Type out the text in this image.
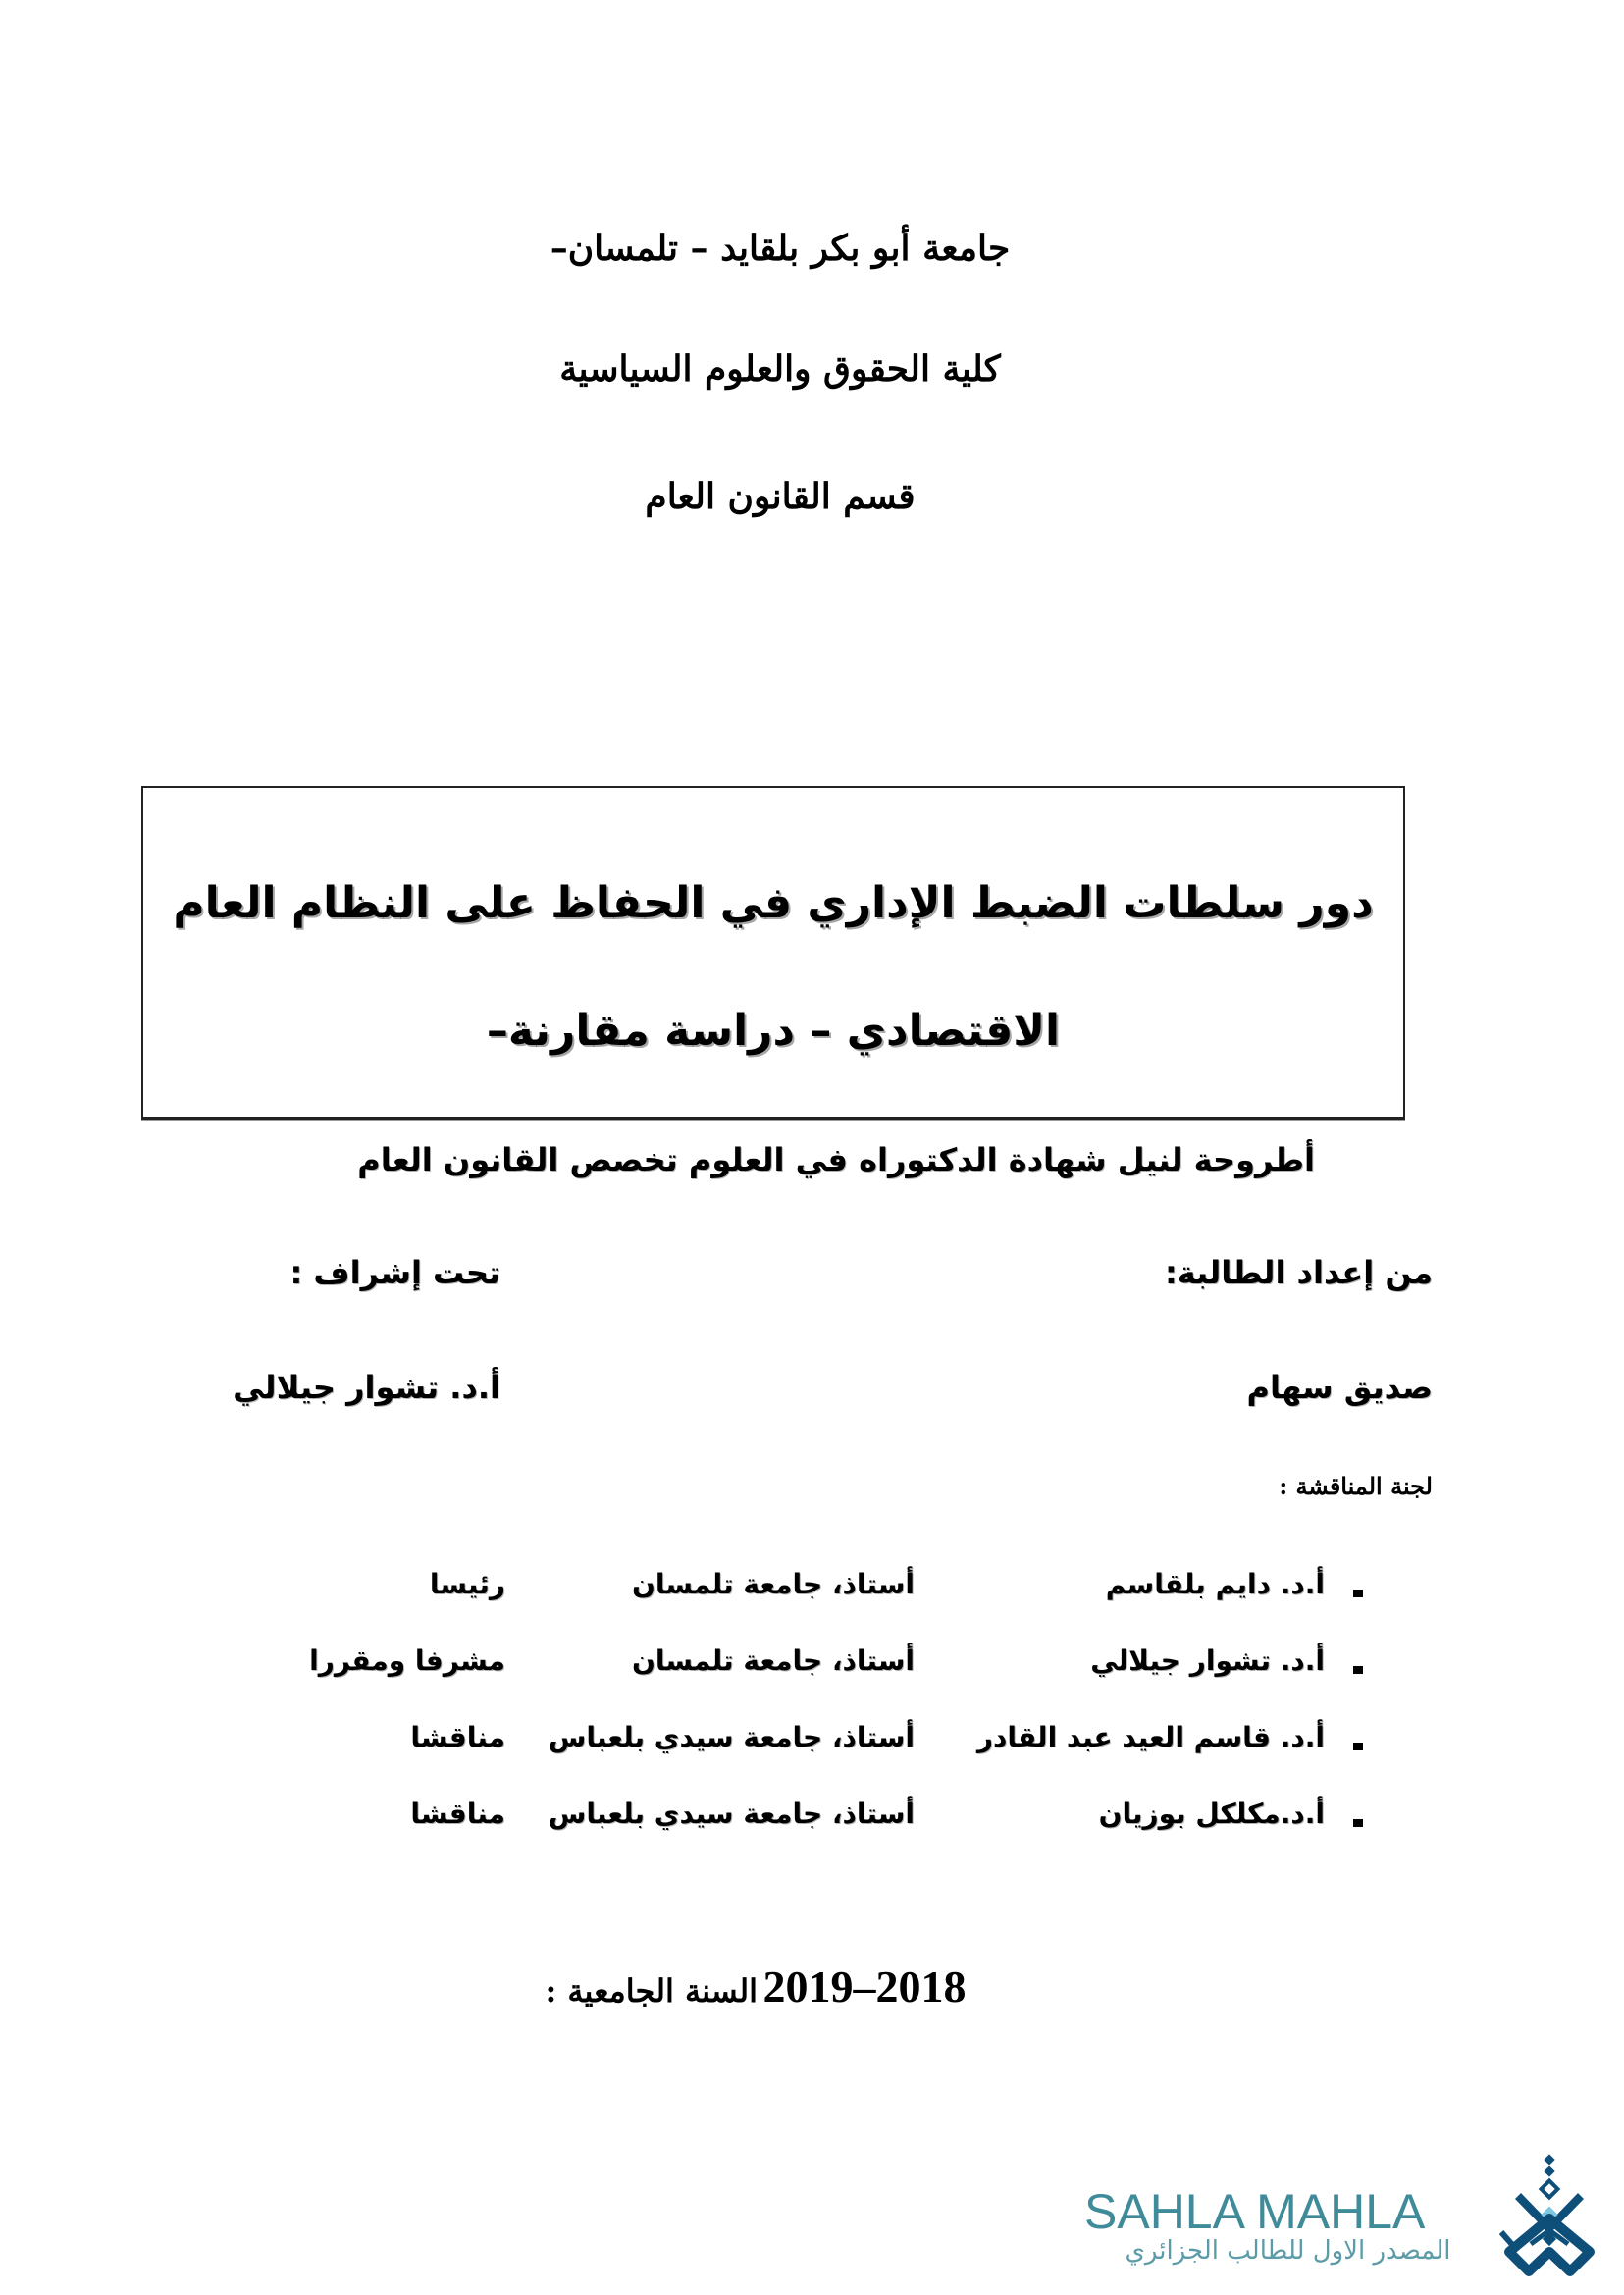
جامعة أبو بكر بلقايد – تلمسان–
كلية الحقوق والعلوم السياسية
قسم القانون العام
دور سلطات الضبط الإداري في الحفاظ على النظام العام
الاقتصادي – دراسة مقارنة–
أطروحة لنيل شهادة الدكتوراه في العلوم تخصص القانون العام
من إعداد الطالبة:
تحت إشراف :
صديق سهام
أ.د. تشوار جيلالي
لجنة المناقشة :
أ.د. دايم بلقاسم
أستاذ، جامعة تلمسان
رئيسا
أ.د. تشوار جيلالي
أستاذ، جامعة تلمسان
مشرفا ومقررا
أ.د. قاسم العيد عبد القادر
أستاذ، جامعة سيدي بلعباس
مناقشا
أ.د.مكلكل بوزيان
أستاذ، جامعة سيدي بلعباس
مناقشا
السنة الجامعية : 2019–2018
SAHLA MAHLA
المصدر الاول للطالب الجزائري
